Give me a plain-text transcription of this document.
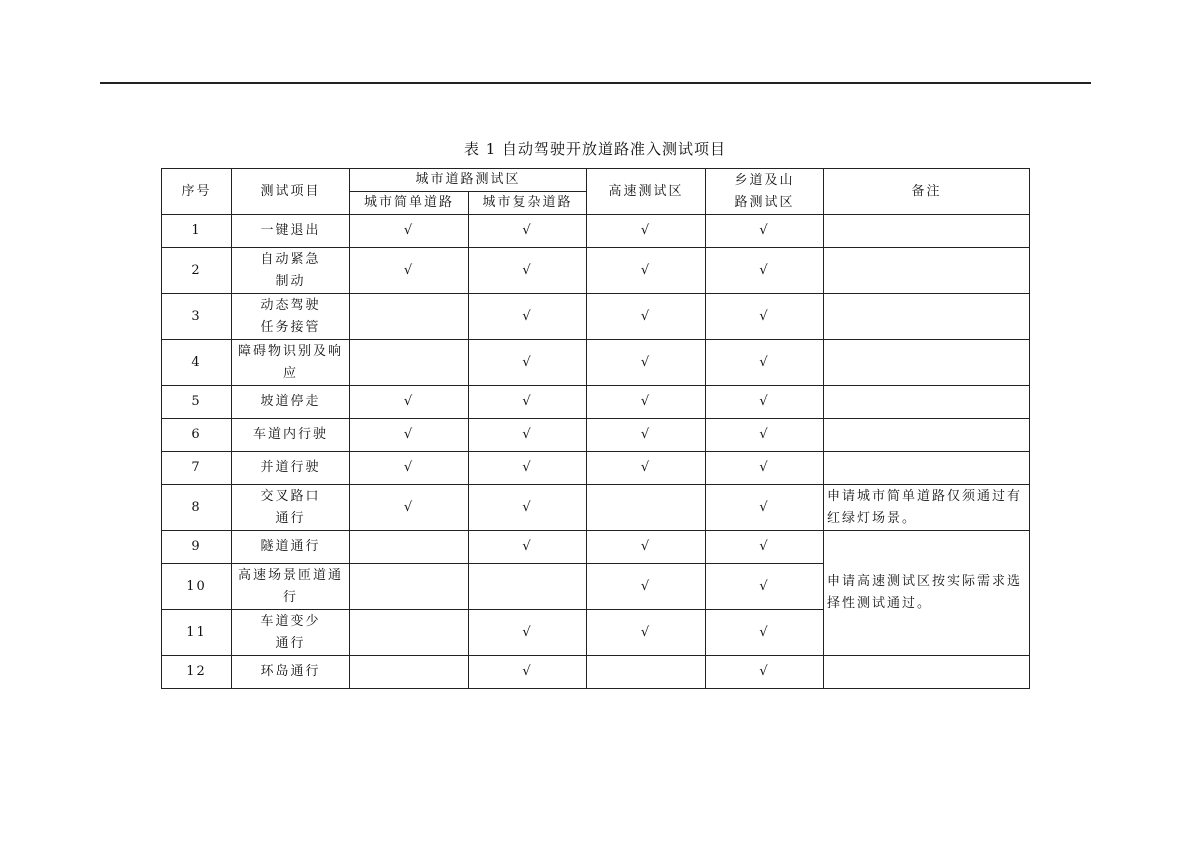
表 1 自动驾驶开放道路准入测试项目
序号	测试项目	城市道路测试区		高速测试区	乡道及山路测试区	备注
		城市简单道路	城市复杂道路			
1	一键退出	√	√	√	√	
2	自动紧急制动	√	√	√	√	
3	动态驾驶任务接管		√	√	√	
4	障碍物识别及响应		√	√	√	
5	坡道停走	√	√	√	√	
6	车道内行驶	√	√	√	√	
7	并道行驶	√	√	√	√	
8	交叉路口通行	√	√		√	申请城市简单道路仅须通过有红绿灯场景。
9	隧道通行		√	√	√	申请高速测试区按实际需求选择性测试通过。
10	高速场景匝道通行			√	√	
11	车道变少通行		√	√	√	
12	环岛通行		√		√	
